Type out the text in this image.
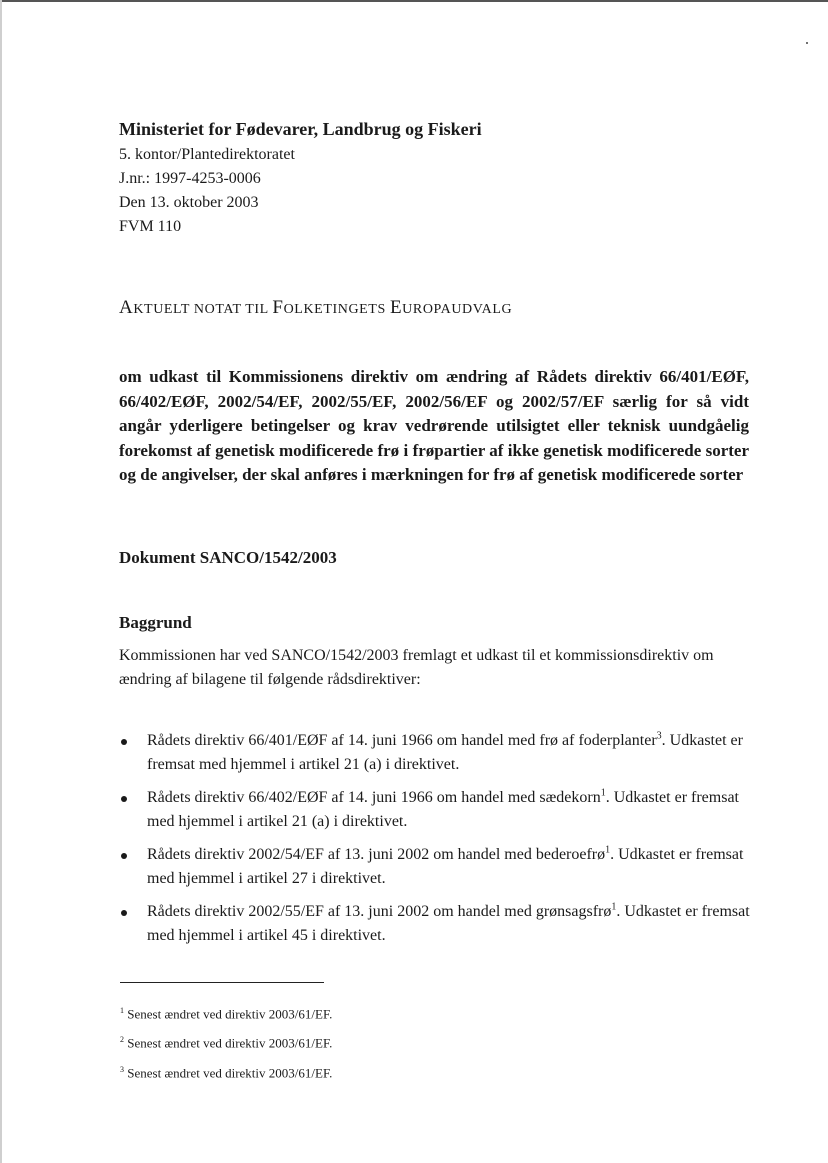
Ministeriet for Fødevarer, Landbrug og Fiskeri

5. kontor/Plantedirektoratet

J.nr.: 1997-4253-0006

Den 13. oktober 2003

FVM 110

AKTUELT NOTAT TIL FOLKETINGETS EUROPAUDVALG

om udkast til Kommissionens direktiv om ændring af Rådets direktiv 66/401/EØF, 66/402/EØF, 2002/54/EF, 2002/55/EF, 2002/56/EF og 2002/57/EF særlig for så vidt angår yderligere betingelser og krav vedrørende utilsigtet eller teknisk uundgåelig forekomst af genetisk modificerede frø i frøpartier af ikke genetisk modificerede sorter og de angivelser, der skal anføres i mærkningen for frø af genetisk modificerede sorter

Dokument SANCO/1542/2003

Baggrund

Kommissionen har ved SANCO/1542/2003 fremlagt et udkast til et kommissionsdirektiv om ændring af bilagene til følgende rådsdirektiver:

Rådets direktiv 66/401/EØF af 14. juni 1966 om handel med frø af foderplanter$^3$. Udkastet er fremsat med hjemmel i artikel 21 (a) i direktivet.
Rådets direktiv 66/402/EØF af 14. juni 1966 om handel med sædekorn$^1$. Udkastet er fremsat med hjemmel i artikel 21 (a) i direktivet.
Rådets direktiv 2002/54/EF af 13. juni 2002 om handel med bederoefrø$^1$. Udkastet er fremsat med hjemmel i artikel 27 i direktivet.
Rådets direktiv 2002/55/EF af 13. juni 2002 om handel med grønsagsfrø$^1$. Udkastet er fremsat med hjemmel i artikel 45 i direktivet.

$^1$ Senest ændret ved direktiv 2003/61/EF.

$^2$ Senest ændret ved direktiv 2003/61/EF.

$^3$ Senest ændret ved direktiv 2003/61/EF.
